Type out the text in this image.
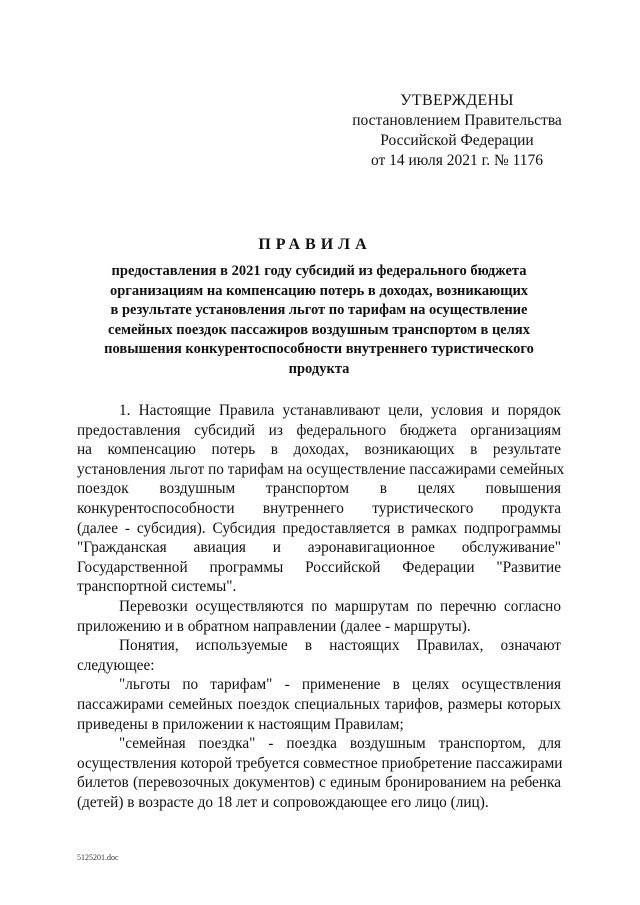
УТВЕРЖДЕНЫ
постановлением Правительства
Российской Федерации
от 14 июля 2021 г. № 1176
ПРАВИЛА
предоставления в 2021 году субсидий из федерального бюджета
организациям на компенсацию потерь в доходах, возникающих
в результате установления льгот по тарифам на осуществление
семейных поездок пассажиров воздушным транспортом в целях
повышения конкурентоспособности внутреннего туристического
продукта
1. Настоящие Правила устанавливают цели, условия и порядок
предоставления субсидий из федерального бюджета организациям
на компенсацию потерь в доходах, возникающих в результате
установления льгот по тарифам на осуществление пассажирами семейных
поездок воздушным транспортом в целях повышения
конкурентоспособности внутреннего туристического продукта
(далее - субсидия). Субсидия предоставляется в рамках подпрограммы
"Гражданская авиация и аэронавигационное обслуживание"
Государственной программы Российской Федерации "Развитие
транспортной системы".
Перевозки осуществляются по маршрутам по перечню согласно
приложению и в обратном направлении (далее - маршруты).
Понятия, используемые в настоящих Правилах, означают
следующее:
"льготы по тарифам" - применение в целях осуществления
пассажирами семейных поездок специальных тарифов, размеры которых
приведены в приложении к настоящим Правилам;
"семейная поездка" - поездка воздушным транспортом, для
осуществления которой требуется совместное приобретение пассажирами
билетов (перевозочных документов) с единым бронированием на ребенка
(детей) в возрасте до 18 лет и сопровождающее его лицо (лиц).
5125201.doc
